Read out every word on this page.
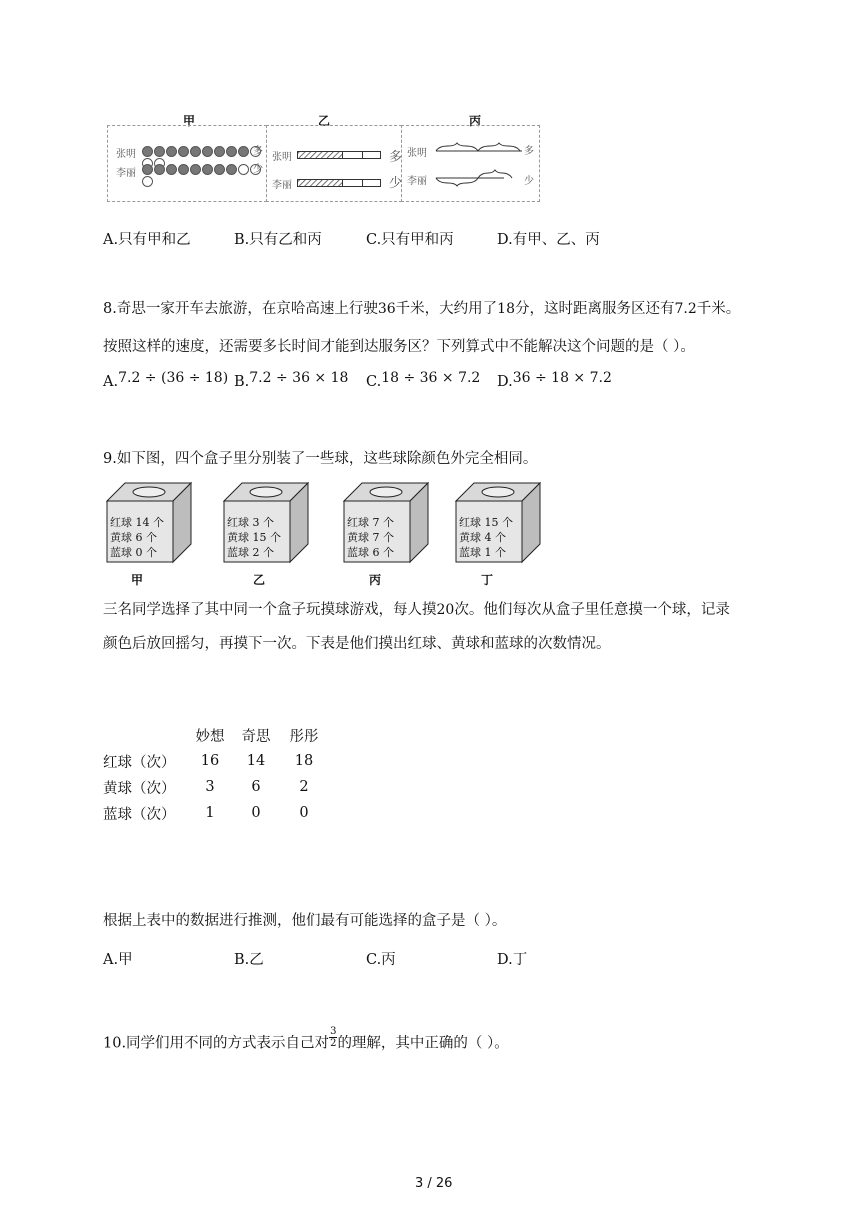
甲	乙	丙
张明
李丽
多
少
张明
李丽
多
少
张明
李丽
多
少
A.只有甲和乙	B.只有乙和丙	C.只有甲和丙	D.有甲、乙、丙
8.奇思一家开车去旅游，在京哈高速上行驶36千米，大约用了18分，这时距离服务区还有7.2千米。
按照这样的速度，还需要多长时间才能到达服务区？下列算式中不能解决这个问题的是（ ）。
A.7.2 ÷ (36 ÷ 18) B.7.2 ÷ 36 × 18 C.18 ÷ 36 × 7.2 D.36 ÷ 18 × 7.2
9.如下图，四个盒子里分别装了一些球，这些球除颜色外完全相同。
红球 14 个
黄球 6 个
蓝球 0 个
甲
红球 3 个
黄球 15 个
蓝球 2 个
乙
红球 7 个
黄球 7 个
蓝球 6 个
丙
红球 15 个
黄球 4 个
蓝球 1 个
丁
三名同学选择了其中同一个盒子玩摸球游戏，每人摸20次。他们每次从盒子里任意摸一个球，记录
颜色后放回摇匀，再摸下一次。下表是他们摸出红球、黄球和蓝球的次数情况。
	妙想	奇思	彤彤
红球（次）	16	14	18
黄球（次）	3	6	2
蓝球（次）	1	0	0
根据上表中的数据进行推测，他们最有可能选择的盒子是（ ）。
A.甲	B.乙	C.丙	D.丁
10.同学们用不同的方式表示自己对 $\frac{3}{2}$ 的理解，其中正确的（ ）。
3 / 26
